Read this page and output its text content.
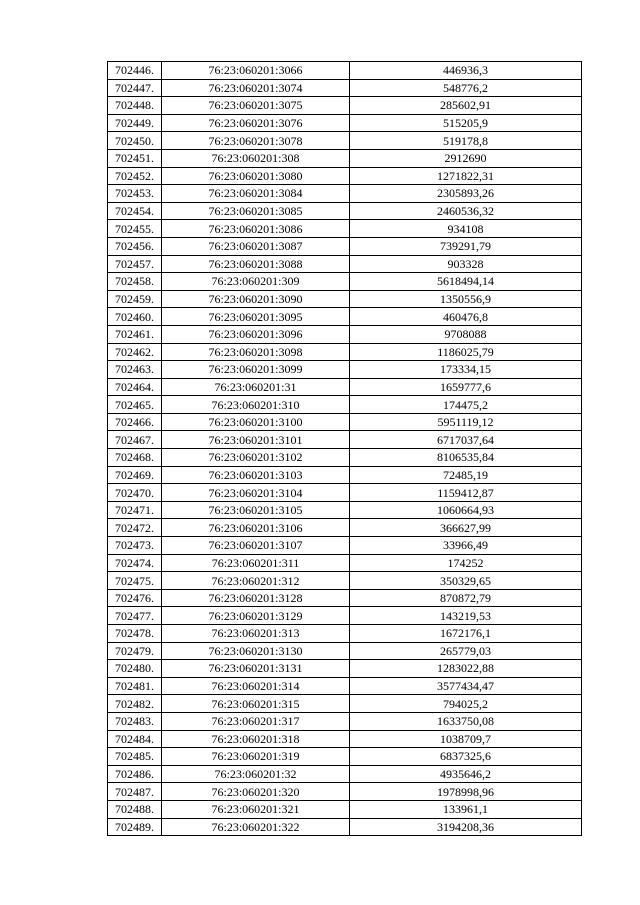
702446.	76:23:060201:3066	446936,3
702447.	76:23:060201:3074	548776,2
702448.	76:23:060201:3075	285602,91
702449.	76:23:060201:3076	515205,9
702450.	76:23:060201:3078	519178,8
702451.	76:23:060201:308	2912690
702452.	76:23:060201:3080	1271822,31
702453.	76:23:060201:3084	2305893,26
702454.	76:23:060201:3085	2460536,32
702455.	76:23:060201:3086	934108
702456.	76:23:060201:3087	739291,79
702457.	76:23:060201:3088	903328
702458.	76:23:060201:309	5618494,14
702459.	76:23:060201:3090	1350556,9
702460.	76:23:060201:3095	460476,8
702461.	76:23:060201:3096	9708088
702462.	76:23:060201:3098	1186025,79
702463.	76:23:060201:3099	173334,15
702464.	76:23:060201:31	1659777,6
702465.	76:23:060201:310	174475,2
702466.	76:23:060201:3100	5951119,12
702467.	76:23:060201:3101	6717037,64
702468.	76:23:060201:3102	8106535,84
702469.	76:23:060201:3103	72485,19
702470.	76:23:060201:3104	1159412,87
702471.	76:23:060201:3105	1060664,93
702472.	76:23:060201:3106	366627,99
702473.	76:23:060201:3107	33966,49
702474.	76:23:060201:311	174252
702475.	76:23:060201:312	350329,65
702476.	76:23:060201:3128	870872,79
702477.	76:23:060201:3129	143219,53
702478.	76:23:060201:313	1672176,1
702479.	76:23:060201:3130	265779,03
702480.	76:23:060201:3131	1283022,88
702481.	76:23:060201:314	3577434,47
702482.	76:23:060201:315	794025,2
702483.	76:23:060201:317	1633750,08
702484.	76:23:060201:318	1038709,7
702485.	76:23:060201:319	6837325,6
702486.	76:23:060201:32	4935646,2
702487.	76:23:060201:320	1978998,96
702488.	76:23:060201:321	133961,1
702489.	76:23:060201:322	3194208,36
